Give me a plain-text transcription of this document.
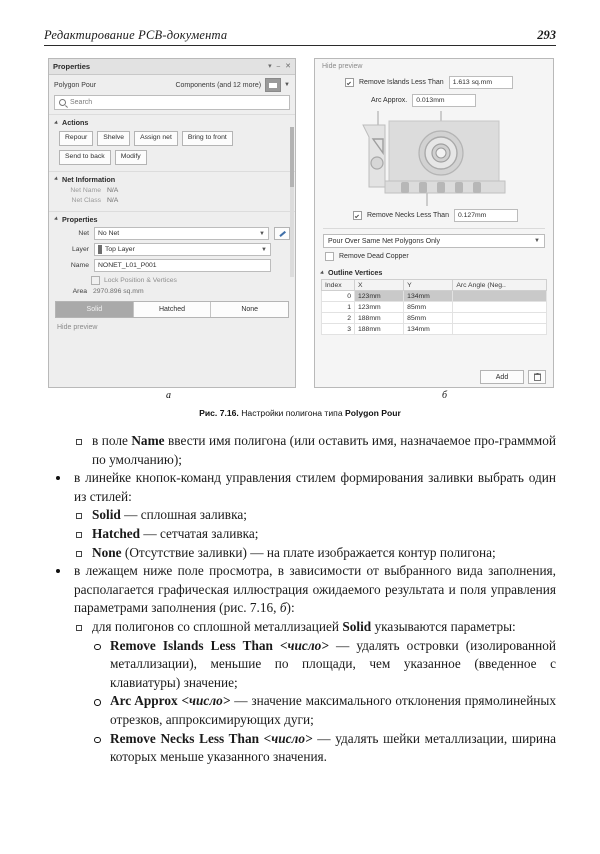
Редактирование PCB-документа	293
Properties	▾ ⎯ ✕
Polygon Pour	Components (and 12 more)	▼
Search
Actions
Repour	Shelve	Assign net	Bring to front
Send to back	Modify
Net Information
Net Name N/A
Net Class N/A
Properties
Net No Net	▼
Layer Top Layer	▼
Name NONET_L01_P001
Lock Position & Vertices
Area 2970.896 sq.mm
Solid	Hatched	None
Hide preview
Hide preview
Remove Islands Less Than 1.613 sq.mm
Arc Approx. 0.013mm
Remove Necks Less Than 0.127mm
Pour Over Same Net Polygons Only	▼
Remove Dead Copper
Outline Vertices
Index	X	Y	Arc Angle (Neg..
0	123mm	134mm	
1	123mm	85mm	
2	188mm	85mm	
3	188mm	134mm	
Add
а	б
Рис. 7.16. Настройки полигона типа Polygon Pour

в поле Name ввести имя полигона (или оставить имя, назначаемое про-грамммой по умолчанию);

в линейке кнопок-команд управления стилем формирования заливки выбрать один из стилей:

Solid — сплошная заливка;

Hatched — сетчатая заливка;

None (Отсутствие заливки) — на плате изображается контур полигона;

в лежащем ниже поле просмотра, в зависимости от выбранного вида заполнения, располагается графическая иллюстрация ожидаемого результата и поля управления параметрами заполнения (рис. 7.16, б):

для полигонов со сплошной металлизацией Solid указываются параметры:

Remove Islands Less Than <число> — удалять островки (изолированной металлизации), меньшие по площади, чем указанное (введенное с клавиатуры) значение;

Arc Approx <число> — значение максимального отклонения прямолинейных отрезков, аппроксимирующих дуги;

Remove Necks Less Than <число> — удалять шейки металлизации, ширина которых меньше указанного значения.
